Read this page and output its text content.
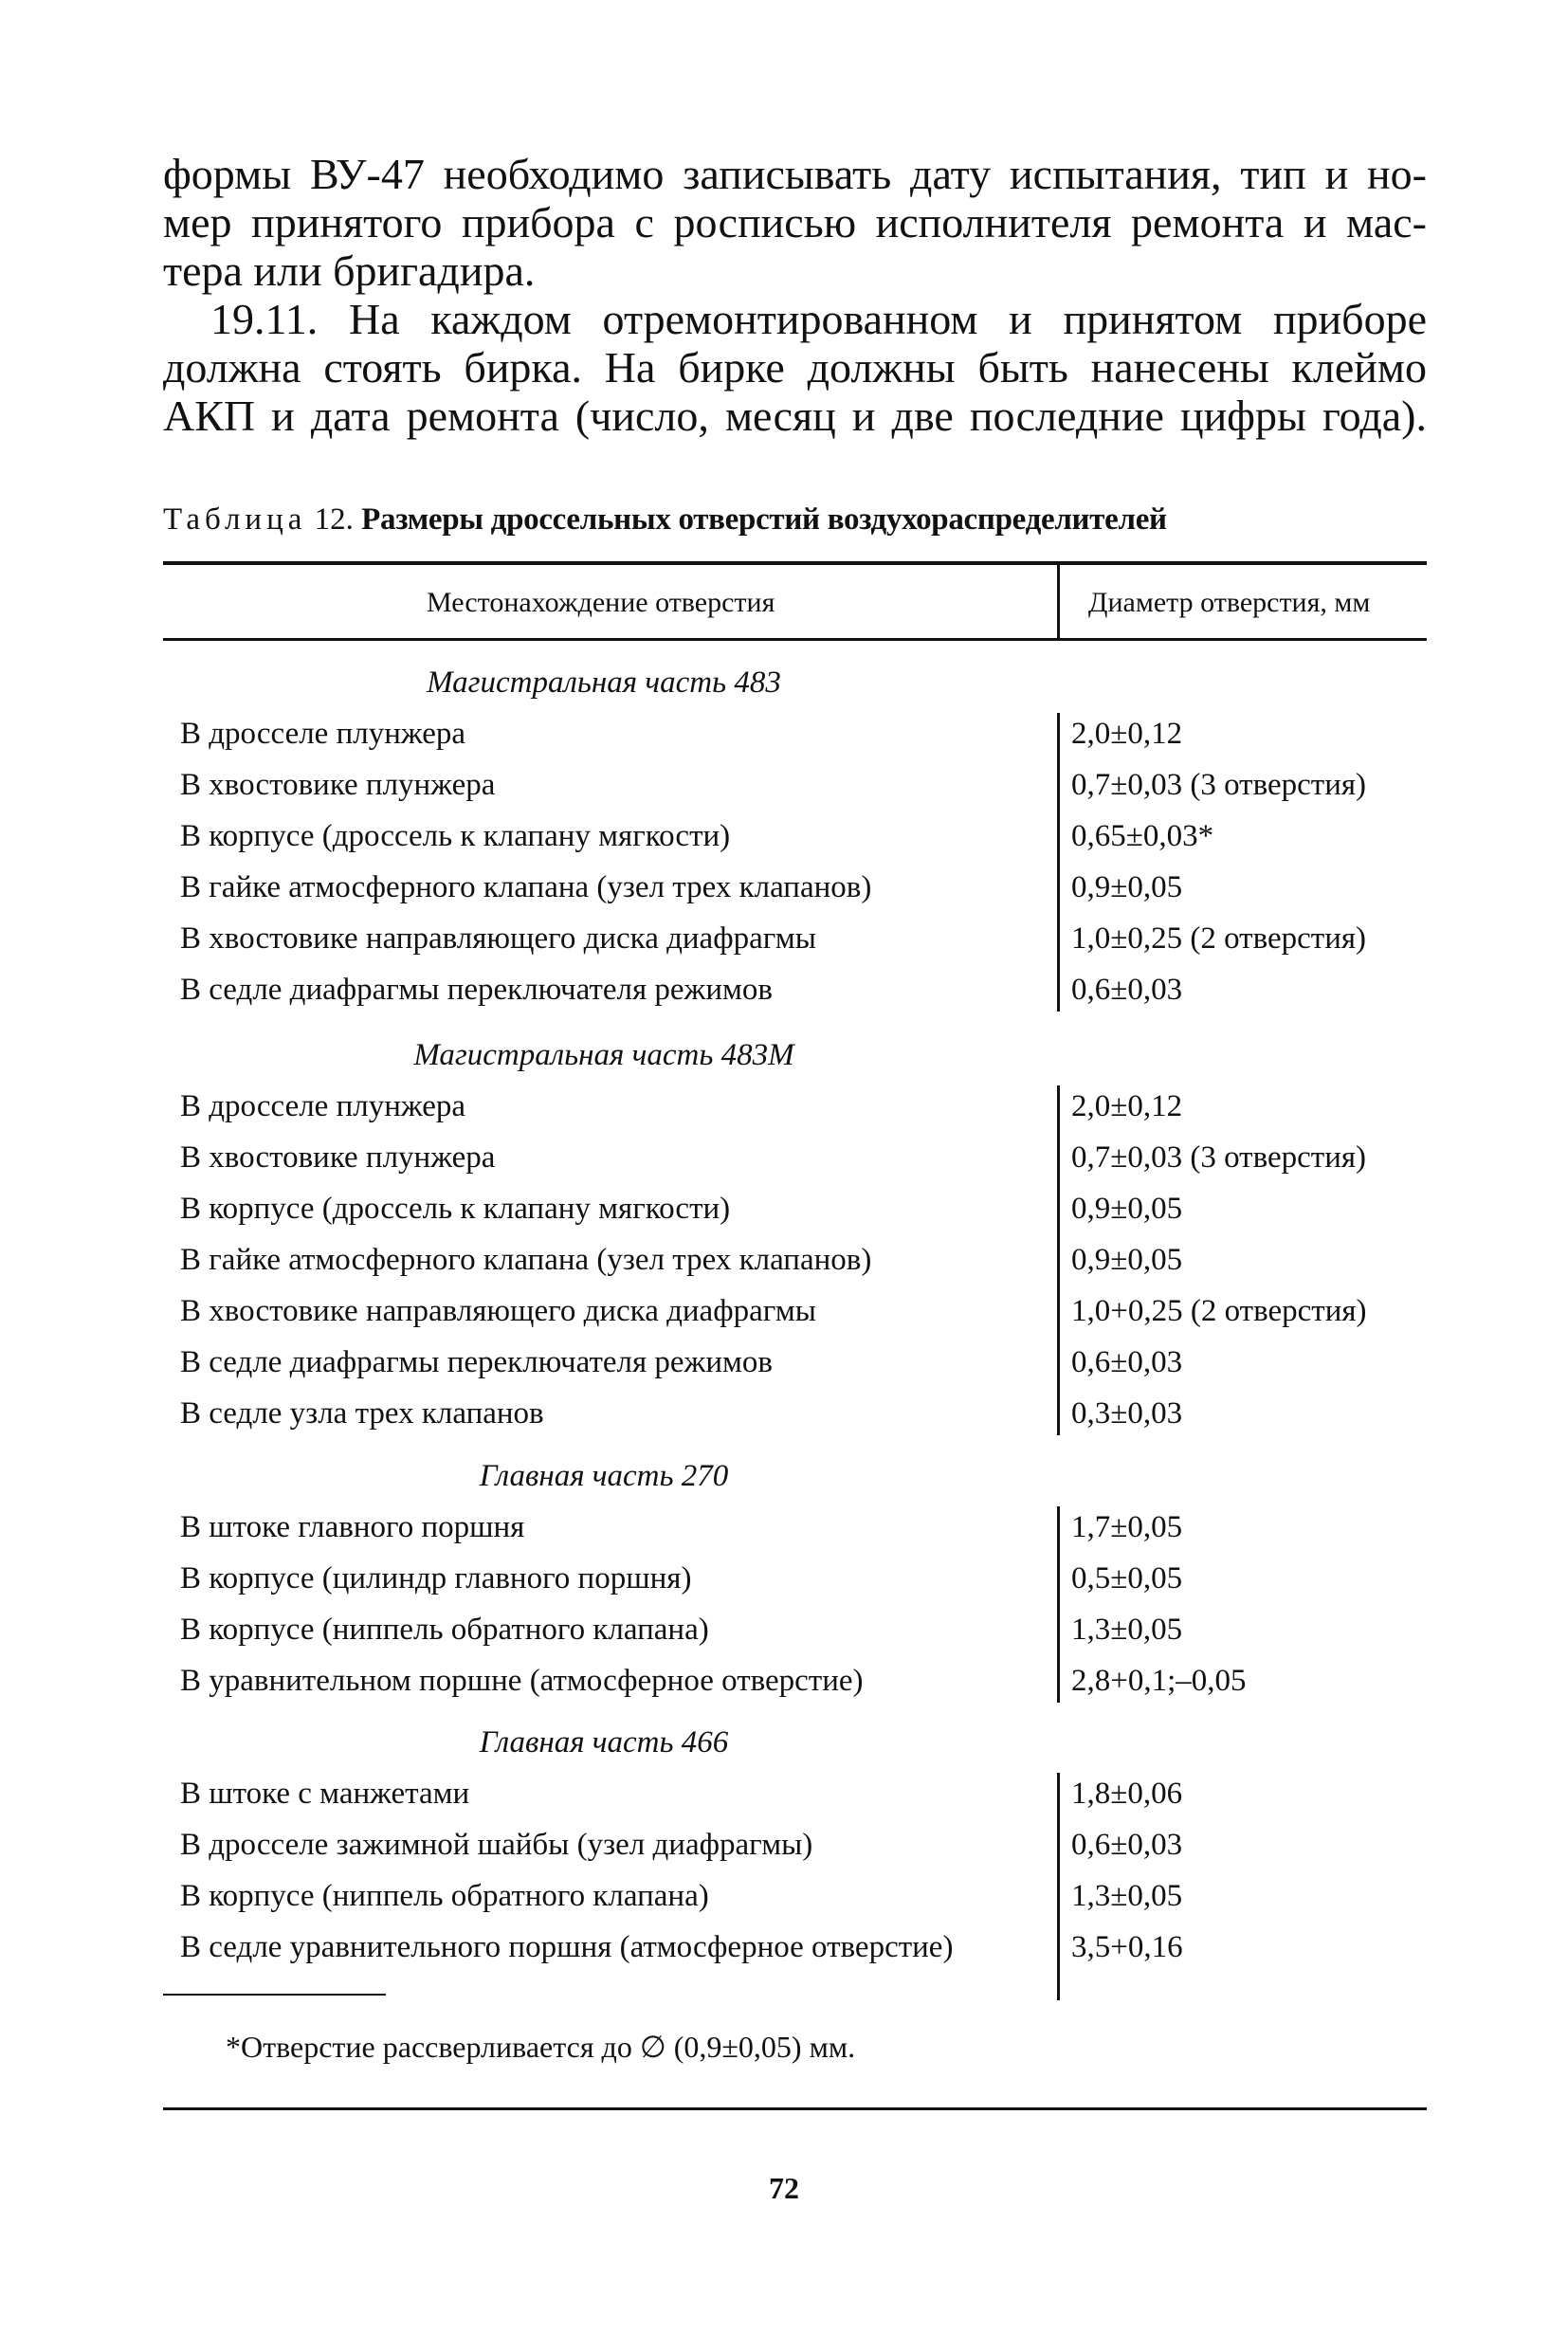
формы ВУ-47 необходимо записывать дату испытания, тип и но-

мер принятого прибора с росписью исполнителя ремонта и мас-

тера или бригадира.

19.11. На каждом отремонтированном и принятом приборе

должна стоять бирка. На бирке должны быть нанесены клеймо

АКП и дата ремонта (число, месяц и две последние цифры года).

Таблица 12. Размеры дроссельных отверстий воздухораспределителей
Местонахождение отверстия	Диаметр отверстия, мм
Магистральная часть 483
В дросселе плунжера	2,0±0,12
В хвостовике плунжера	0,7±0,03 (3 отверстия)
В корпусе (дроссель к клапану мягкости)	0,65±0,03*
В гайке атмосферного клапана (узел трех клапанов)	0,9±0,05
В хвостовике направляющего диска диафрагмы	1,0±0,25 (2 отверстия)
В седле диафрагмы переключателя режимов	0,6±0,03
Магистральная часть 483М
В дросселе плунжера	2,0±0,12
В хвостовике плунжера	0,7±0,03 (3 отверстия)
В корпусе (дроссель к клапану мягкости)	0,9±0,05
В гайке атмосферного клапана (узел трех клапанов)	0,9±0,05
В хвостовике направляющего диска диафрагмы	1,0+0,25 (2 отверстия)
В седле диафрагмы переключателя режимов	0,6±0,03
В седле узла трех клапанов	0,3±0,03
Главная часть 270
В штоке главного поршня	1,7±0,05
В корпусе (цилиндр главного поршня)	0,5±0,05
В корпусе (ниппель обратного клапана)	1,3±0,05
В уравнительном поршне (атмосферное отверстие)	2,8+0,1;–0,05
Главная часть 466
В штоке с манжетами	1,8±0,06
В дросселе зажимной шайбы (узел диафрагмы)	0,6±0,03
В корпусе (ниппель обратного клапана)	1,3±0,05
В седле уравнительного поршня (атмосферное отверстие)	3,5+0,16
*Отверстие рассверливается до ∅ (0,9±0,05) мм.
72
